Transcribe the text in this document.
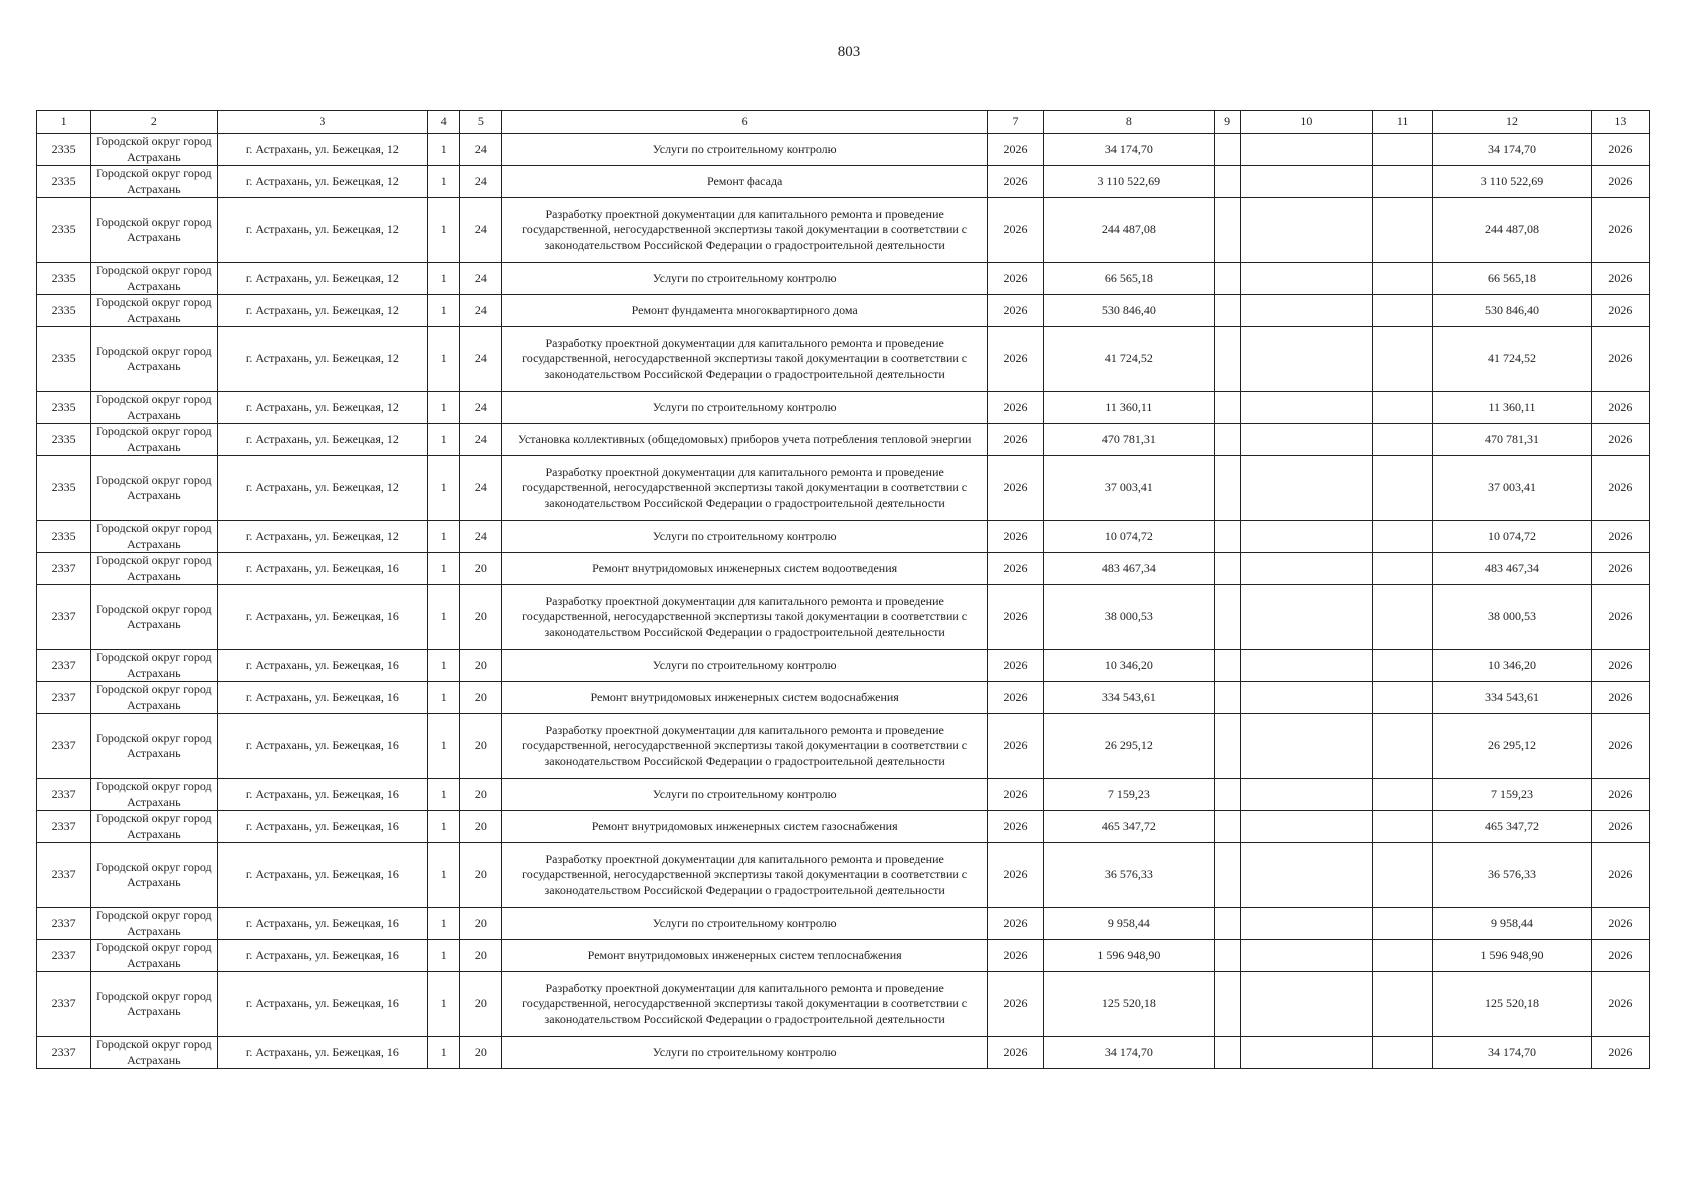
803
1	2	3	4	5	6	7	8	9	10	11	12	13
2335	Городской округ город Астрахань	г. Астрахань, ул. Бежецкая, 12	1	24	Услуги по строительному контролю	2026	34 174,70				34 174,70	2026
2335	Городской округ город Астрахань	г. Астрахань, ул. Бежецкая, 12	1	24	Ремонт фасада	2026	3 110 522,69				3 110 522,69	2026
2335	Городской округ город Астрахань	г. Астрахань, ул. Бежецкая, 12	1	24	Разработку проектной документации для капитального ремонта и проведение государственной, негосударственной экспертизы такой документации в соответствии с законодательством Российской Федерации о градостроительной деятельности	2026	244 487,08				244 487,08	2026
2335	Городской округ город Астрахань	г. Астрахань, ул. Бежецкая, 12	1	24	Услуги по строительному контролю	2026	66 565,18				66 565,18	2026
2335	Городской округ город Астрахань	г. Астрахань, ул. Бежецкая, 12	1	24	Ремонт фундамента многоквартирного дома	2026	530 846,40				530 846,40	2026
2335	Городской округ город Астрахань	г. Астрахань, ул. Бежецкая, 12	1	24	Разработку проектной документации для капитального ремонта и проведение государственной, негосударственной экспертизы такой документации в соответствии с законодательством Российской Федерации о градостроительной деятельности	2026	41 724,52				41 724,52	2026
2335	Городской округ город Астрахань	г. Астрахань, ул. Бежецкая, 12	1	24	Услуги по строительному контролю	2026	11 360,11				11 360,11	2026
2335	Городской округ город Астрахань	г. Астрахань, ул. Бежецкая, 12	1	24	Установка коллективных (общедомовых) приборов учета потребления тепловой энергии	2026	470 781,31				470 781,31	2026
2335	Городской округ город Астрахань	г. Астрахань, ул. Бежецкая, 12	1	24	Разработку проектной документации для капитального ремонта и проведение государственной, негосударственной экспертизы такой документации в соответствии с законодательством Российской Федерации о градостроительной деятельности	2026	37 003,41				37 003,41	2026
2335	Городской округ город Астрахань	г. Астрахань, ул. Бежецкая, 12	1	24	Услуги по строительному контролю	2026	10 074,72				10 074,72	2026
2337	Городской округ город Астрахань	г. Астрахань, ул. Бежецкая, 16	1	20	Ремонт внутридомовых инженерных систем водоотведения	2026	483 467,34				483 467,34	2026
2337	Городской округ город Астрахань	г. Астрахань, ул. Бежецкая, 16	1	20	Разработку проектной документации для капитального ремонта и проведение государственной, негосударственной экспертизы такой документации в соответствии с законодательством Российской Федерации о градостроительной деятельности	2026	38 000,53				38 000,53	2026
2337	Городской округ город Астрахань	г. Астрахань, ул. Бежецкая, 16	1	20	Услуги по строительному контролю	2026	10 346,20				10 346,20	2026
2337	Городской округ город Астрахань	г. Астрахань, ул. Бежецкая, 16	1	20	Ремонт внутридомовых инженерных систем водоснабжения	2026	334 543,61				334 543,61	2026
2337	Городской округ город Астрахань	г. Астрахань, ул. Бежецкая, 16	1	20	Разработку проектной документации для капитального ремонта и проведение государственной, негосударственной экспертизы такой документации в соответствии с законодательством Российской Федерации о градостроительной деятельности	2026	26 295,12				26 295,12	2026
2337	Городской округ город Астрахань	г. Астрахань, ул. Бежецкая, 16	1	20	Услуги по строительному контролю	2026	7 159,23				7 159,23	2026
2337	Городской округ город Астрахань	г. Астрахань, ул. Бежецкая, 16	1	20	Ремонт внутридомовых инженерных систем газоснабжения	2026	465 347,72				465 347,72	2026
2337	Городской округ город Астрахань	г. Астрахань, ул. Бежецкая, 16	1	20	Разработку проектной документации для капитального ремонта и проведение государственной, негосударственной экспертизы такой документации в соответствии с законодательством Российской Федерации о градостроительной деятельности	2026	36 576,33				36 576,33	2026
2337	Городской округ город Астрахань	г. Астрахань, ул. Бежецкая, 16	1	20	Услуги по строительному контролю	2026	9 958,44				9 958,44	2026
2337	Городской округ город Астрахань	г. Астрахань, ул. Бежецкая, 16	1	20	Ремонт внутридомовых инженерных систем теплоснабжения	2026	1 596 948,90				1 596 948,90	2026
2337	Городской округ город Астрахань	г. Астрахань, ул. Бежецкая, 16	1	20	Разработку проектной документации для капитального ремонта и проведение государственной, негосударственной экспертизы такой документации в соответствии с законодательством Российской Федерации о градостроительной деятельности	2026	125 520,18				125 520,18	2026
2337	Городской округ город Астрахань	г. Астрахань, ул. Бежецкая, 16	1	20	Услуги по строительному контролю	2026	34 174,70				34 174,70	2026
